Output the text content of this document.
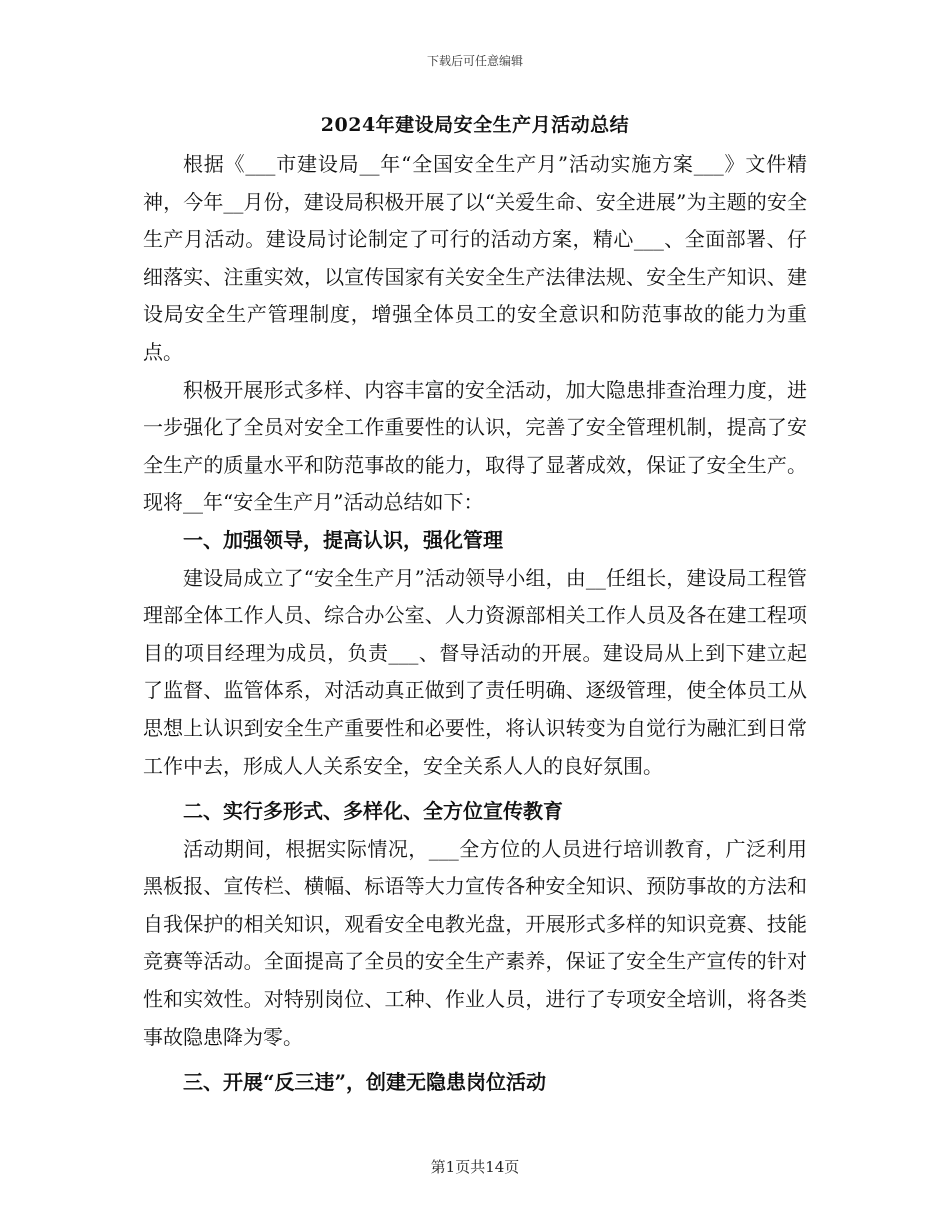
下载后可任意编辑
2024年建设局安全生产月活动总结

根据《___市建设局__年“全国安全生产月”活动实施方案___》文件精神，今年__月份，建设局积极开展了以“关爱生命、安全进展”为主题的安全生产月活动。建设局讨论制定了可行的活动方案，精心___、全面部署、仔细落实、注重实效，以宣传国家有关安全生产法律法规、安全生产知识、建设局安全生产管理制度，增强全体员工的安全意识和防范事故的能力为重点。

积极开展形式多样、内容丰富的安全活动，加大隐患排查治理力度，进一步强化了全员对安全工作重要性的认识，完善了安全管理机制，提高了安全生产的质量水平和防范事故的能力，取得了显著成效，保证了安全生产。现将__年“安全生产月”活动总结如下：

一、加强领导，提高认识，强化管理

建设局成立了“安全生产月”活动领导小组，由__任组长，建设局工程管理部全体工作人员、综合办公室、人力资源部相关工作人员及各在建工程项目的项目经理为成员，负责___、督导活动的开展。建设局从上到下建立起了监督、监管体系，对活动真正做到了责任明确、逐级管理，使全体员工从思想上认识到安全生产重要性和必要性，将认识转变为自觉行为融汇到日常工作中去，形成人人关系安全，安全关系人人的良好氛围。

二、实行多形式、多样化、全方位宣传教育

活动期间，根据实际情况，___全方位的人员进行培训教育，广泛利用黑板报、宣传栏、横幅、标语等大力宣传各种安全知识、预防事故的方法和自我保护的相关知识，观看安全电教光盘，开展形式多样的知识竞赛、技能竞赛等活动。全面提高了全员的安全生产素养，保证了安全生产宣传的针对性和实效性。对特别岗位、工种、作业人员，进行了专项安全培训，将各类事故隐患降为零。

三、开展“反三违”，创建无隐患岗位活动
第1页共14页
